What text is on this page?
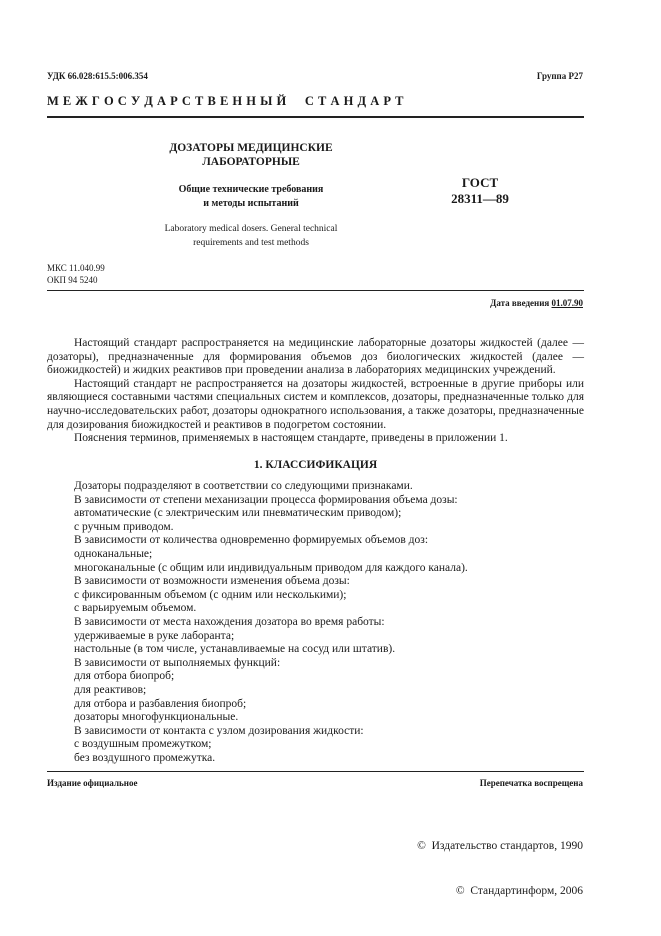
УДК 66.028:615.5:006.354	Группа Р27
М Е Ж Г О С У Д А Р С Т В Е Н Н Ы Й     С Т А Н Д А Р Т
ДОЗАТОРЫ МЕДИЦИНСКИЕ
ЛАБОРАТОРНЫЕ
Общие технические требования
и методы испытаний
Laboratory medical dosers. General technical
requirements and test methods
ГОСТ
28311—89
МКС 11.040.99
ОКП 94 5240
Дата введения 01.07.90

Настоящий стандарт распространяется на медицинские лабораторные дозаторы жидкостей (далее — дозаторы), предназначенные для формирования объемов доз биологических жидкостей (далее — биожидкостей) и жидких реактивов при проведении анализа в лабораториях медицинских учреждений.

Настоящий стандарт не распространяется на дозаторы жидкостей, встроенные в другие приборы или являющиеся составными частями специальных систем и комплексов, дозаторы, предназначенные только для научно-исследовательских работ, дозаторы однократного использования, а также дозаторы, предназначенные для дозирования биожидкостей и реактивов в подогретом состоянии.

Пояснения терминов, применяемых в настоящем стандарте, приведены в приложении 1.

1. КЛАССИФИКАЦИЯ

Дозаторы подразделяют в соответствии со следующими признаками.

В зависимости от степени механизации процесса формирования объема дозы:

автоматические (с электрическим или пневматическим приводом);

с ручным приводом.

В зависимости от количества одновременно формируемых объемов доз:

одноканальные;

многоканальные (с общим или индивидуальным приводом для каждого канала).

В зависимости от возможности изменения объема дозы:

с фиксированным объемом (с одним или несколькими);

с варьируемым объемом.

В зависимости от места нахождения дозатора во время работы:

удерживаемые в руке лаборанта;

настольные (в том числе, устанавливаемые на сосуд или штатив).

В зависимости от выполняемых функций:

для отбора биопроб;

для реактивов;

для отбора и разбавления биопроб;

дозаторы многофункциональные.

В зависимости от контакта с узлом дозирования жидкости:

с воздушным промежутком;

без воздушного промежутка.

Издание официальное	Перепечатка воспрещена

©  Издательство стандартов, 1990

©  Стандартинформ, 2006
